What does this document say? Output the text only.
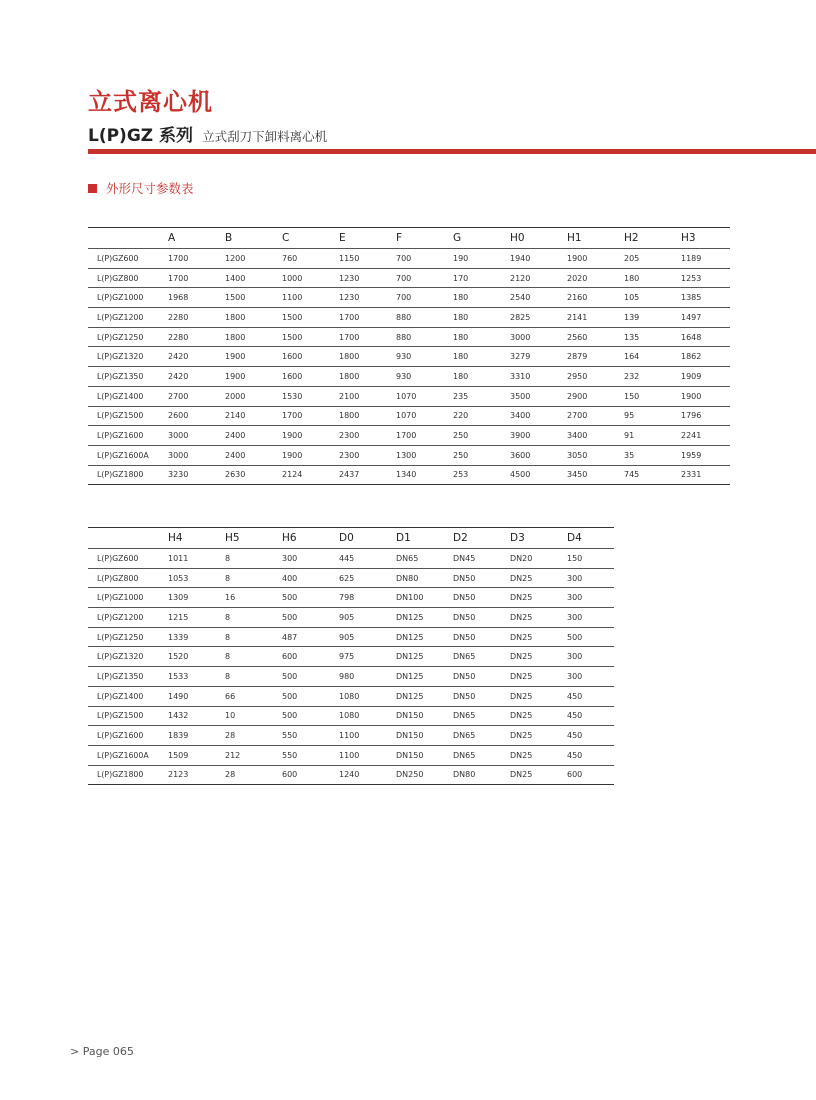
立式离心机
L(P)GZ 系列 立式刮刀下卸料离心机
外形尺寸参数表
	A	B	C	E	F	G	H0	H1	H2	H3
L(P)GZ600	1700	1200	760	1150	700	190	1940	1900	205	1189
L(P)GZ800	1700	1400	1000	1230	700	170	2120	2020	180	1253
L(P)GZ1000	1968	1500	1100	1230	700	180	2540	2160	105	1385
L(P)GZ1200	2280	1800	1500	1700	880	180	2825	2141	139	1497
L(P)GZ1250	2280	1800	1500	1700	880	180	3000	2560	135	1648
L(P)GZ1320	2420	1900	1600	1800	930	180	3279	2879	164	1862
L(P)GZ1350	2420	1900	1600	1800	930	180	3310	2950	232	1909
L(P)GZ1400	2700	2000	1530	2100	1070	235	3500	2900	150	1900
L(P)GZ1500	2600	2140	1700	1800	1070	220	3400	2700	95	1796
L(P)GZ1600	3000	2400	1900	2300	1700	250	3900	3400	91	2241
L(P)GZ1600A	3000	2400	1900	2300	1300	250	3600	3050	35	1959
L(P)GZ1800	3230	2630	2124	2437	1340	253	4500	3450	745	2331
	H4	H5	H6	D0	D1	D2	D3	D4
L(P)GZ600	1011	8	300	445	DN65	DN45	DN20	150
L(P)GZ800	1053	8	400	625	DN80	DN50	DN25	300
L(P)GZ1000	1309	16	500	798	DN100	DN50	DN25	300
L(P)GZ1200	1215	8	500	905	DN125	DN50	DN25	300
L(P)GZ1250	1339	8	487	905	DN125	DN50	DN25	500
L(P)GZ1320	1520	8	600	975	DN125	DN65	DN25	300
L(P)GZ1350	1533	8	500	980	DN125	DN50	DN25	300
L(P)GZ1400	1490	66	500	1080	DN125	DN50	DN25	450
L(P)GZ1500	1432	10	500	1080	DN150	DN65	DN25	450
L(P)GZ1600	1839	28	550	1100	DN150	DN65	DN25	450
L(P)GZ1600A	1509	212	550	1100	DN150	DN65	DN25	450
L(P)GZ1800	2123	28	600	1240	DN250	DN80	DN25	600
> Page 065
